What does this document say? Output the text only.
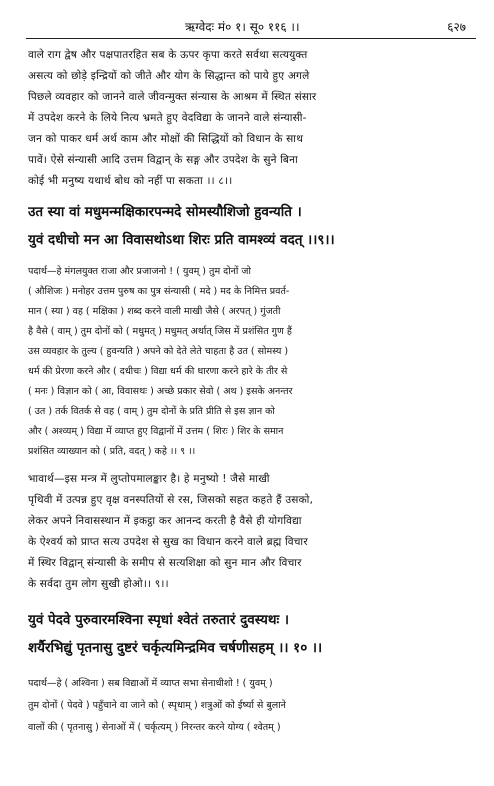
ऋग्वेदः मं० १। सू० ११६ ।।	६२७
वाले राग द्वेष और पक्षपातरहित सब के ऊपर कृपा करते सर्वथा सत्ययुक्त
असत्य को छोड़े इन्द्रियों को जीते और योग के सिद्धान्त को पाये हुए अगले
पिछले व्यवहार को जानने वाले जीवन्मुक्त संन्यास के आश्रम में स्थित संसार
में उपदेश करने के लिये नित्य भ्रमते हुए वेदविद्या के जानने वाले संन्यासी-
जन को पाकर धर्म अर्थ काम और मोक्षों की सिद्धियों को विधान के साथ
पावें। ऐसे संन्यासी आदि उत्तम विद्वान् के सङ्ग और उपदेश के सुने बिना
कोई भी मनुष्य यथार्थ बोध को नहीं पा सकता ।। ८।।
उत स्या वां मधुमन्मक्षिकारपन्मदे सोमस्यौशिजो हुवन्यति ।
युवं दधीचो मन आ विवासथोऽथा शिरः प्रति वामश्व्यं वदत् ।।९।।
पदार्थ—हे मंगलयुक्त राजा और प्रजाजनो ! ( युवम् ) तुम दोनों जो
( औशिजः ) मनोहर उत्तम पुरुष का पुत्र संन्यासी ( मदे ) मद के निमित्त प्रवर्त-
मान ( स्या ) वह ( मक्षिका ) शब्द करने वाली माखी जैसे ( अरपत् ) गुंजती
है वैसे ( वाम् ) तुम दोनों को ( मधुमत् ) मधुमत् अर्थात् जिस में प्रशंसित गुण हैं
उस व्यवहार के तुल्य ( हुवन्यति ) अपने को देते लेते चाहता है उत ( सोमस्य )
धर्म की प्रेरणा करने और ( दधीचः ) विद्या धर्म की धारणा करने हारे के तीर से
( मनः ) विज्ञान को ( आ, विवासथः ) अच्छे प्रकार सेवो ( अथ ) इसके अनन्तर
( उत ) तर्क वितर्क से वह ( वाम् ) तुम दोनों के प्रति प्रीति से इस ज्ञान को
और ( अश्व्यम् ) विद्या में व्याप्त हुए विद्वानों में उत्तम ( शिरः ) शिर के समान
प्रशंसित व्याख्यान को ( प्रति, वदत् ) कहे ।। ९ ।।
भावार्थ—इस मन्त्र में लुप्तोपमालङ्कार है। हे मनुष्यो ! जैसे माखी
पृथिवी में उत्पन्न हुए वृक्ष वनस्पतियों से रस, जिसको सहत कहते हैं उसको,
लेकर अपने निवासस्थान में इकट्ठा कर आनन्द करती है वैसे ही योगविद्या
के ऐश्वर्य को प्राप्त सत्य उपदेश से सुख का विधान करने वाले ब्रह्म विचार
में स्थिर विद्वान् संन्यासी के समीप से सत्यशिक्षा को सुन मान और विचार
के सर्वदा तुम लोग सुखी होओ।। ९।।
युवं पेदवे पुरुवारमश्विना स्पृधां श्वेतं तरुतारं दुवस्यथः ।
शर्यैरभिद्युं पृतनासु दुष्टरं चर्कृत्यमिन्द्रमिव चर्षणीसहम् ।। १० ।।
पदार्थ—हे ( अश्विना ) सब विद्याओं में व्याप्त सभा सेनाधीशो ! ( युवम् )
तुम दोनों ( पेदवे ) पहुँचाने वा जाने को ( स्पृधाम् ) शत्रुओं को ईर्ष्या से बुलाने
वालों की ( पृतनासु ) सेनाओं में ( चर्कृत्यम् ) निरन्तर करने योग्य ( श्वेतम् )
